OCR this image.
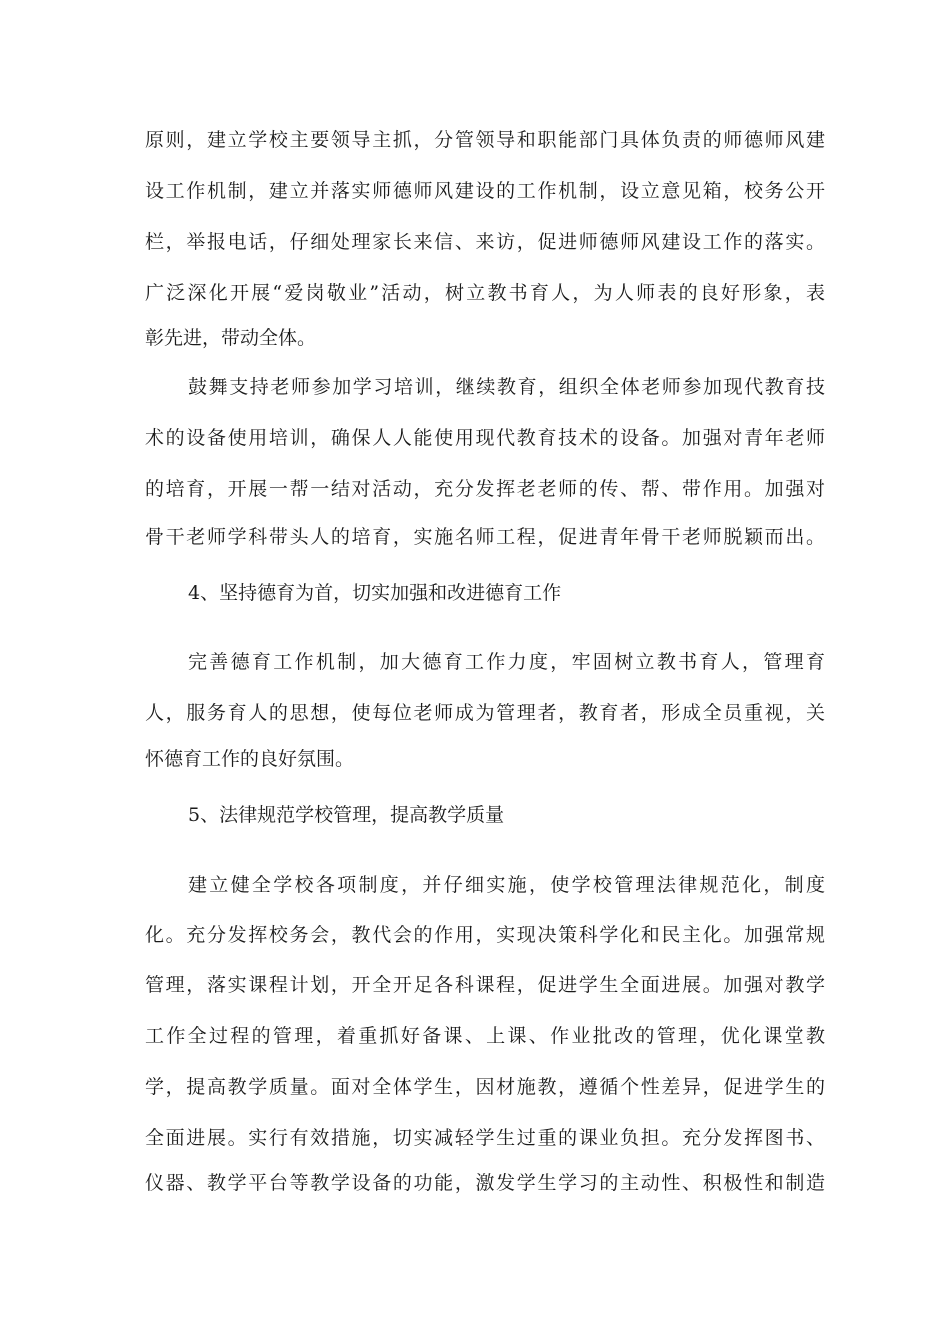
原则，建立学校主要领导主抓，分管领导和职能部门具体负责的师德师风建

设工作机制，建立并落实师德师风建设的工作机制，设立意见箱，校务公开

栏，举报电话，仔细处理家长来信、来访，促进师德师风建设工作的落实。

广泛深化开展“爱岗敬业”活动，树立教书育人，为人师表的良好形象，表

彰先进，带动全体。

鼓舞支持老师参加学习培训，继续教育，组织全体老师参加现代教育技

术的设备使用培训，确保人人能使用现代教育技术的设备。加强对青年老师

的培育，开展一帮一结对活动，充分发挥老老师的传、帮、带作用。加强对

骨干老师学科带头人的培育，实施名师工程，促进青年骨干老师脱颖而出。

4、坚持德育为首，切实加强和改进德育工作

完善德育工作机制，加大德育工作力度，牢固树立教书育人，管理育

人，服务育人的思想，使每位老师成为管理者，教育者，形成全员重视，关

怀德育工作的良好氛围。

5、法律规范学校管理，提高教学质量

建立健全学校各项制度，并仔细实施，使学校管理法律规范化，制度

化。充分发挥校务会，教代会的作用，实现决策科学化和民主化。加强常规

管理，落实课程计划，开全开足各科课程，促进学生全面进展。加强对教学

工作全过程的管理，着重抓好备课、上课、作业批改的管理，优化课堂教

学，提高教学质量。面对全体学生，因材施教，遵循个性差异，促进学生的

全面进展。实行有效措施，切实减轻学生过重的课业负担。充分发挥图书、

仪器、教学平台等教学设备的功能，激发学生学习的主动性、积极性和制造
